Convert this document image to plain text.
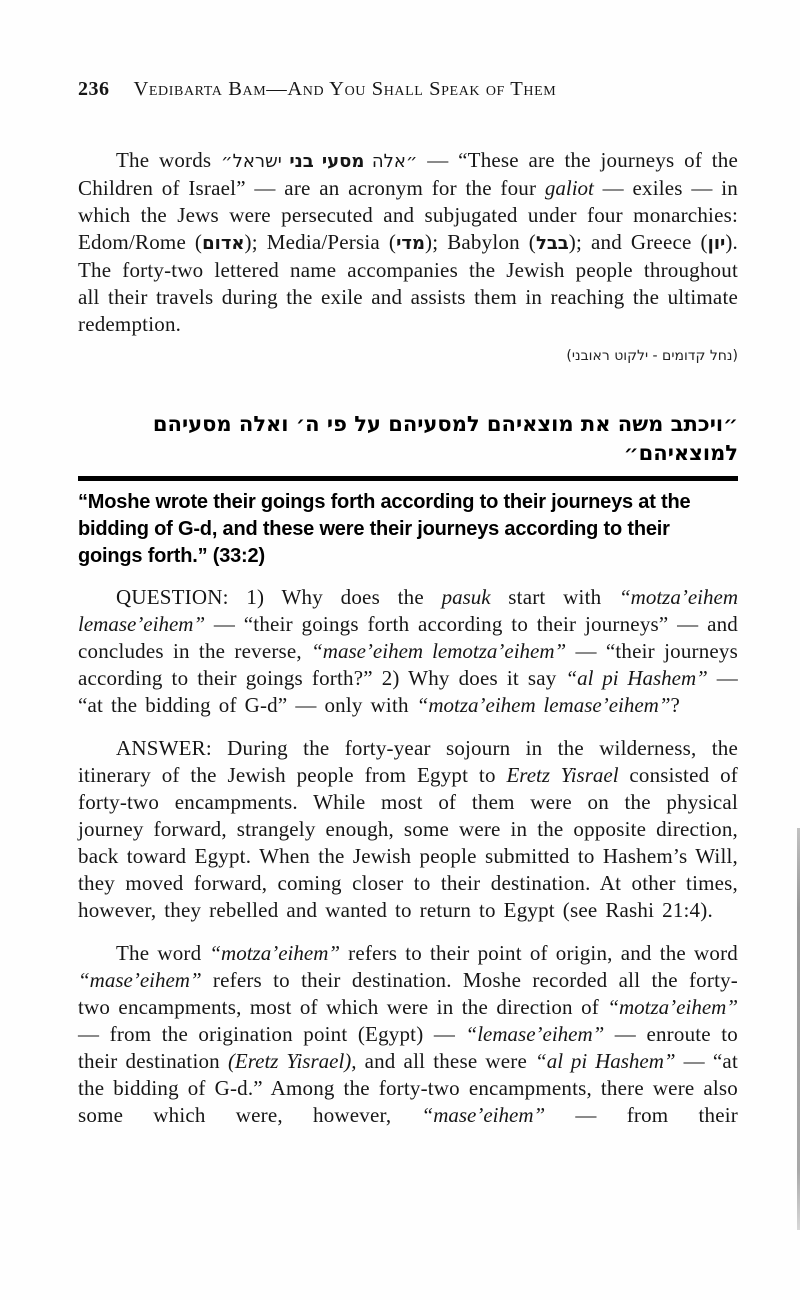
236 Vedibarta Bam—And You Shall Speak of Them

The words	״אלה מסעי בני ישראל״	— “These are the journeys of the Children of Israel” — are an acronym for the four galiot — exiles — in which the Jews were persecuted and subjugated under four monarchies: Edom/Rome (אדום); Media/Persia (מדי); Babylon (בבל); and Greece (יון). The forty-two lettered name accompanies the Jewish people throughout all their travels during the exile and assists them in reaching the ultimate redemption.

(נחל קדומים - ילקוט ראובני)
״ויכתב משה את מוצאיהם למסעיהם על פי ה׳ ואלה מסעיהם למוצאיהם״
“Moshe wrote their goings forth according to their journeys at the bidding of G-d, and these were their journeys according to their goings forth.” (33:2)

QUESTION: 1) Why does the pasuk start with “motza’eihem lemase’eihem” — “their goings forth according to their journeys” — and concludes in the reverse, “mase’eihem lemotza’eihem” — “their journeys according to their goings forth?” 2) Why does it say “al pi Hashem” — “at the bidding of G-d” — only with “motza’eihem lemase’eihem”?

ANSWER: During the forty-year sojourn in the wilderness, the itinerary of the Jewish people from Egypt to Eretz Yisrael consisted of forty-two encampments. While most of them were on the physical journey forward, strangely enough, some were in the opposite direction, back toward Egypt. When the Jewish people submitted to Hashem’s Will, they moved forward, coming closer to their destination. At other times, however, they rebelled and wanted to return to Egypt (see Rashi 21:4).

The word “motza’eihem” refers to their point of origin, and the word “mase’eihem” refers to their destination. Moshe recorded all the forty-two encampments, most of which were in the direction of “motza’eihem” — from the origination point (Egypt) — “lemase’eihem” — enroute to their destination (Eretz Yisrael), and all these were “al pi Hashem” — “at the bidding of G-d.” Among the forty-two encampments, there were also some which were, however, “mase’eihem” — from their
